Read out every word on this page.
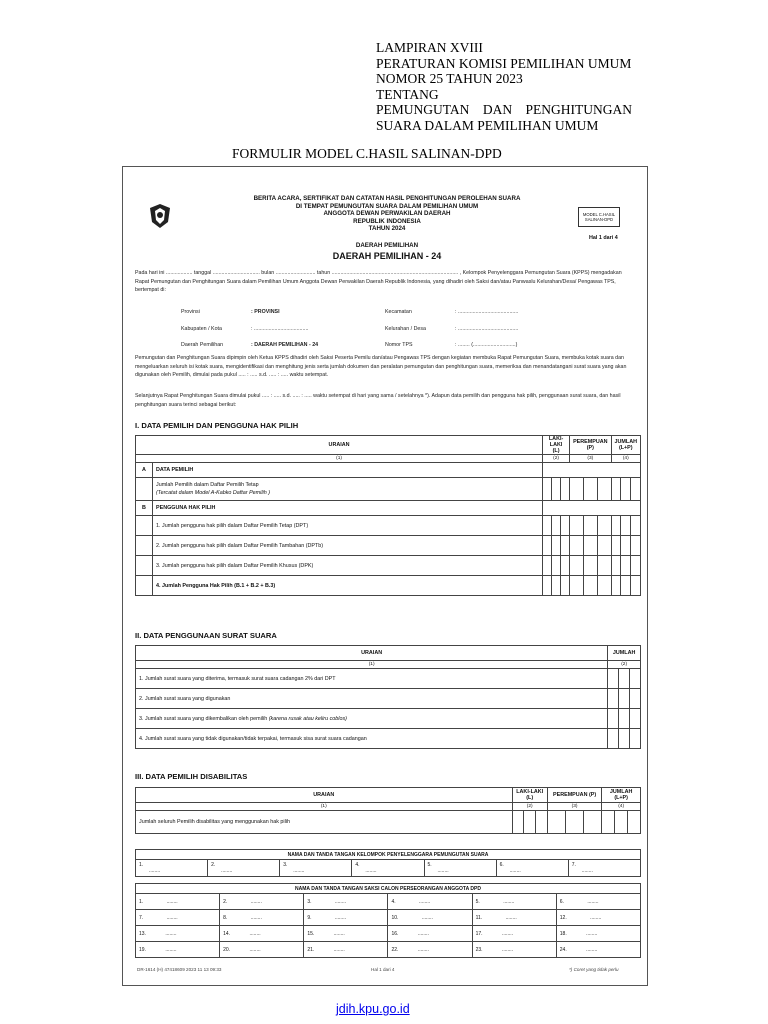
LAMPIRAN XVIII
PERATURAN KOMISI PEMILIHAN UMUM
NOMOR 25 TAHUN 2023
TENTANG
PEMUNGUTAN DAN PENGHITUNGAN
SUARA DALAM PEMILIHAN UMUM
FORMULIR MODEL C.HASIL SALINAN-DPD
BERITA ACARA, SERTIFIKAT DAN CATATAN HASIL PENGHITUNGAN PEROLEHAN SUARA
DI TEMPAT PEMUNGUTAN SUARA DALAM PEMILIHAN UMUM
ANGGOTA DEWAN PERWAKILAN DAERAH
REPUBLIK INDONESIA
TAHUN 2024
DAERAH PEMILIHAN
DAERAH PEMILIHAN - 24
MODEL C.HASIL
SALINAN-DPD
Hal 1 dari 4
Pada hari ini .................. tanggal ................................ bulan ........................... tahun ...................................................................................... , Kelompok Penyelenggara Pemungutan Suara (KPPS) mengadakan Rapat Pemungutan dan Penghitungan Suara dalam Pemilihan Umum Anggota Dewan Perwakilan Daerah Republik Indonesia, yang dihadiri oleh Saksi dan/atau Panwaslu Kelurahan/Desa/ Pengawas TPS, bertempat di:
Provinsi	: PROVINSI
Kabupaten / Kota	: .....................................
Daerah Pemilihan	: DAERAH PEMILIHAN - 24
Kecamatan	: .........................................
Kelurahan / Desa	: .........................................
Nomor TPS	: ........ (.............................)
Pemungutan dan Penghitungan Suara dipimpin oleh Ketua KPPS dihadiri oleh Saksi Peserta Pemilu dan/atau Pengawas TPS dengan kegiatan membuka Rapat Pemungutan Suara, membuka kotak suara dan mengeluarkan seluruh isi kotak suara, mengidentifikasi dan menghitung jenis serta jumlah dokumen dan peralatan pemungutan dan penghitungan suara, memeriksa dan menandatangani surat suara yang akan digunakan oleh Pemilih, dimulai pada pukul ..... : ..... s.d. ..... : ..... waktu setempat.
Selanjutnya Rapat Penghitungan Suara dimulai pukul ..... : ..... s.d. ..... : ..... waktu setempat di hari yang sama / setelahnya *). Adapun data pemilih dan pengguna hak pilih, penggunaan surat suara, dan hasil penghitungan suara terinci sebagai berikut:
I. DATA PEMILIH DAN PENGGUNA HAK PILIH
URAIAN		LAKI-LAKI (L)			PEREMPUAN (P)			JUMLAH (L+P)		
(1)		(2)			(3)			(4)		
A	DATA PEMILIH									

	Jumlah Pemilih dalam Daftar Pemilih Tetap
(Tercatat dalam Model A-Kabko Daftar Pemilih )									

B	PENGGUNA HAK PILIH									
	1. Jumlah pengguna hak pilih dalam Daftar Pemilih Tetap (DPT)									
	2. Jumlah pengguna hak pilih dalam Daftar Pemilih Tambahan (DPTb)									
	3. Jumlah pengguna hak pilih dalam Daftar Pemilih Khusus (DPK)									
	4. Jumlah Pengguna Hak Pilih (B.1 + B.2 + B.3)									
II. DATA PENGGUNAAN SURAT SUARA
URAIAN	JUMLAH		
(1)	(2)		
1. Jumlah surat suara yang diterima, termasuk surat suara cadangan 2% dari DPT			
2. Jumlah surat suara yang digunakan			
3. Jumlah surat suara yang dikembalikan oleh pemilih (karena rusak atau keliru coblos)			
4. Jumlah surat suara yang tidak digunakan/tidak terpakai, termasuk sisa surat suara cadangan			
III. DATA PEMILIH DISABILITAS
URAIAN	LAKI-LAKI (L)			PEREMPUAN (P)			JUMLAH (L+P)		
(1)	(2)			(3)			(4)		
Jumlah seluruh Pemilih disabilitas yang menggunakan hak pilih									
NAMA DAN TANDA TANGAN KELOMPOK PENYELENGGARA PEMUNGUTAN SUARA
1.
........	2.
........	3.
........	4.
........	5.
........	6.
........	7.
........
NAMA DAN TANDA TANGAN SAKSI CALON PERSEORANGAN ANGGOTA DPD					
1. ........	2. ........	3. ........	4. ........	5. ........	6. ........
7. ........	8. ........	9. ........	10. ........	11. ........	12. ........
13. ........	14. ........	15. ........	16. ........	17. ........	18. ........
19. ........	20. ........	21. ........	22. ........	23. ........	24. ........
DR-1614 (H) 47418609 2023 11 13 09:33	Hal 1 dari 4	*) Coret yang tidak perlu
jdih.kpu.go.id
